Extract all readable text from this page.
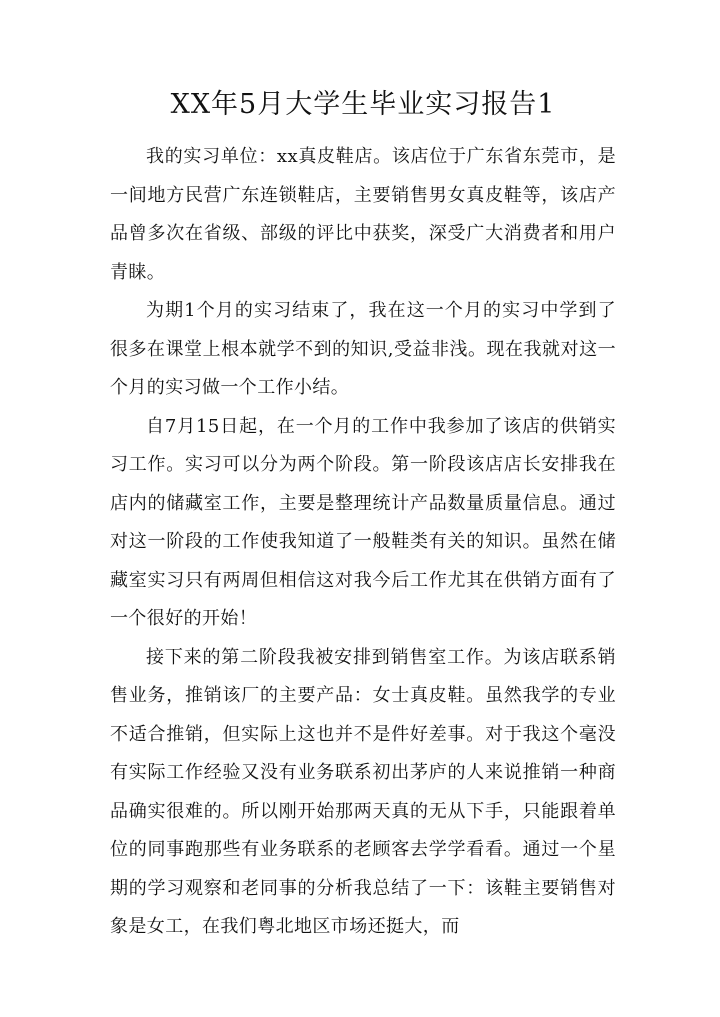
XX年5月大学生毕业实习报告1

我的实习单位：xx真皮鞋店。该店位于广东省东莞市，是一间地方民营广东连锁鞋店，主要销售男女真皮鞋等，该店产品曾多次在省级、部级的评比中获奖，深受广大消费者和用户青睐。

为期1个月的实习结束了，我在这一个月的实习中学到了很多在课堂上根本就学不到的知识,受益非浅。现在我就对这一个月的实习做一个工作小结。

自7月15日起，在一个月的工作中我参加了该店的供销实习工作。实习可以分为两个阶段。第一阶段该店店长安排我在店内的储藏室工作，主要是整理统计产品数量质量信息。通过对这一阶段的工作使我知道了一般鞋类有关的知识。虽然在储藏室实习只有两周但相信这对我今后工作尤其在供销方面有了一个很好的开始！

接下来的第二阶段我被安排到销售室工作。为该店联系销售业务，推销该厂的主要产品：女士真皮鞋。虽然我学的专业不适合推销，但实际上这也并不是件好差事。对于我这个毫没有实际工作经验又没有业务联系初出茅庐的人来说推销一种商品确实很难的。所以刚开始那两天真的无从下手，只能跟着单位的同事跑那些有业务联系的老顾客去学学看看。通过一个星期的学习观察和老同事的分析我总结了一下：该鞋主要销售对象是女工，在我们粤北地区市场还挺大，而
